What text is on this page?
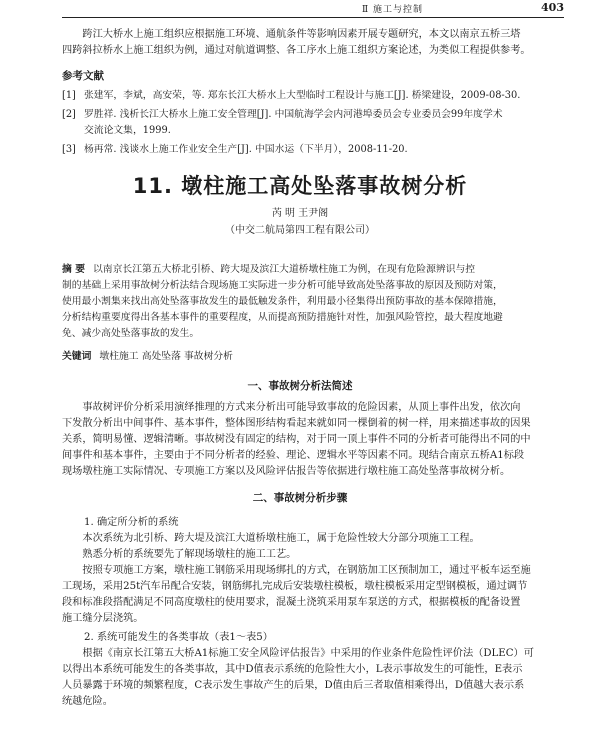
Ⅱ 施工与控制	403

跨江大桥水上施工组织应根据施工环境、通航条件等影响因素开展专题研究，本文以南京五桥三塔

四跨斜拉桥水上施工组织为例，通过对航道调整、各工序水上施工组织方案论述，为类似工程提供参考。

参考文献
[1] 张建军，李斌，高安荣，等. 郑东长江大桥水上大型临时工程设计与施工[J]. 桥梁建设，2009-08-30.
[2] 罗胜祥. 浅析长江大桥水上施工安全管理[J]. 中国航海学会内河港埠委员会专业委员会99年度学术
交流论文集，1999.
[3] 杨再常. 浅谈水上施工作业安全生产[J]. 中国水运（下半月），2008-11-20.
11. 墩柱施工高处坠落事故树分析
芮 明 王尹阁
（中交二航局第四工程有限公司）

摘 要 以南京长江第五大桥北引桥、跨大堤及滨江大道桥墩柱施工为例，在现有危险源辨识与控

制的基础上采用事故树分析法结合现场施工实际进一步分析可能导致高处坠落事故的原因及预防对策，

使用最小割集来找出高处坠落事故发生的最低触发条件，利用最小径集得出预防事故的基本保障措施，

分析结构重要度得出各基本事件的重要程度，从而提高预防措施针对性，加强风险管控，最大程度地避

免、减少高处坠落事故的发生。

关键词 墩柱施工 高处坠落 事故树分析
一、事故树分析法简述

事故树评价分析采用演绎推理的方式来分析出可能导致事故的危险因素，从顶上事件出发，依次向

下发散分析出中间事件、基本事件，整体图形结构看起来就如同一棵倒着的树一样，用来描述事故的因果

关系，简明易懂、逻辑清晰。事故树没有固定的结构，对于同一顶上事件不同的分析者可能得出不同的中

间事件和基本事件，主要由于不同分析者的经验、理论、逻辑水平等因素不同。现结合南京五桥A1标段

现场墩柱施工实际情况、专项施工方案以及风险评估报告等依据进行墩柱施工高处坠落事故树分析。

二、事故树分析步骤
1. 确定所分析的系统

本次系统为北引桥、跨大堤及滨江大道桥墩柱施工，属于危险性较大分部分项施工工程。

熟悉分析的系统要先了解现场墩柱的施工工艺。

按照专项施工方案，墩柱施工钢筋采用现场绑扎的方式，在钢筋加工区预制加工，通过平板车运至施

工现场，采用25t汽车吊配合安装，钢筋绑扎完成后安装墩柱模板，墩柱模板采用定型钢模板，通过调节

段和标准段搭配满足不同高度墩柱的使用要求，混凝土浇筑采用泵车泵送的方式，根据模板的配备设置

施工缝分层浇筑。

2. 系统可能发生的各类事故（表1～表5）

根据《南京长江第五大桥A1标施工安全风险评估报告》中采用的作业条件危险性评价法（DLEC）可

以得出本系统可能发生的各类事故，其中D值表示系统的危险性大小，L表示事故发生的可能性，E表示

人员暴露于环境的频繁程度，C表示发生事故产生的后果，D值由后三者取值相乘得出，D值越大表示系

统越危险。
